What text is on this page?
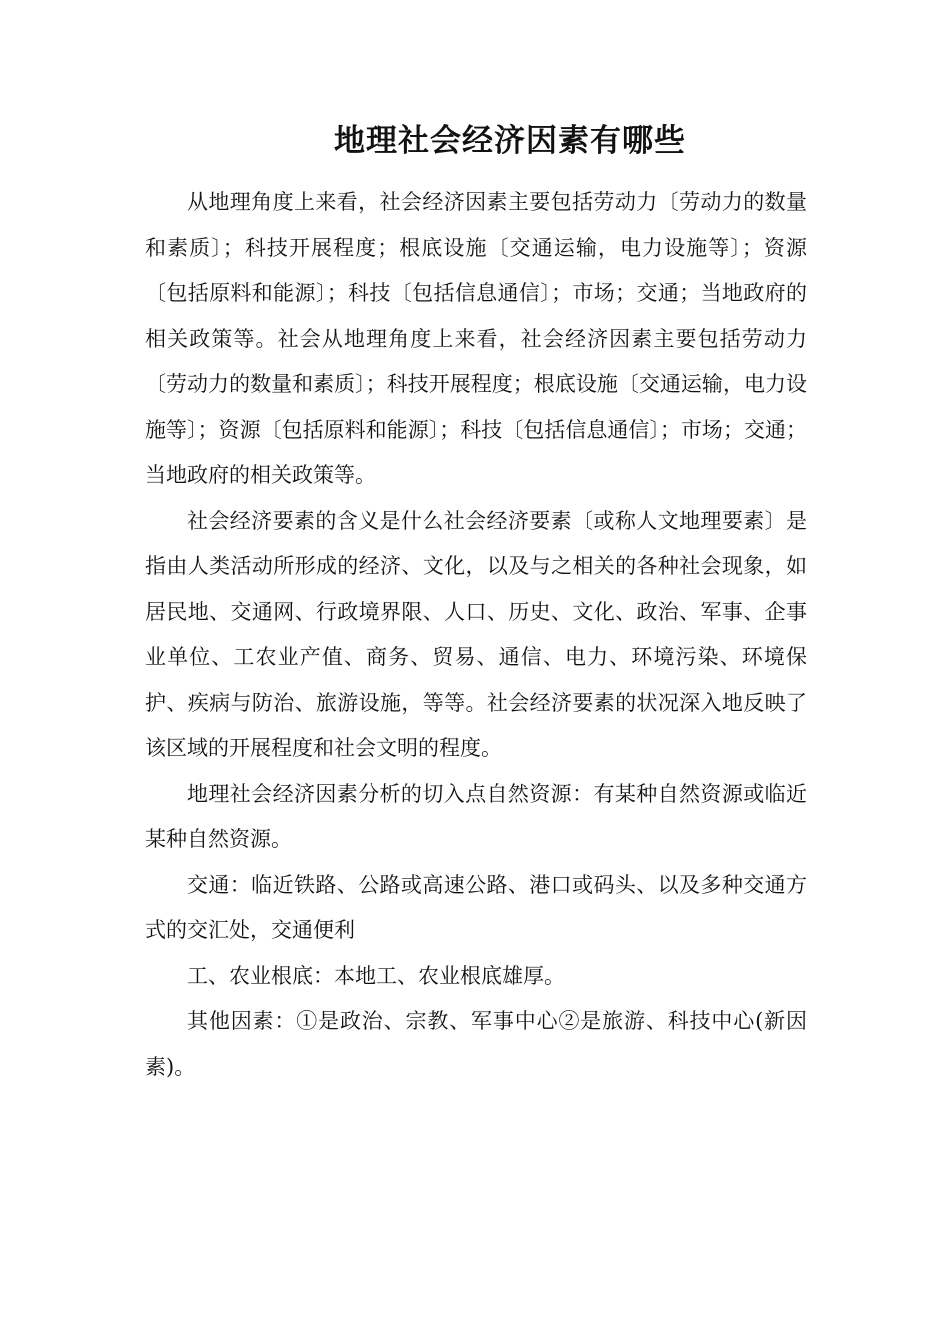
地理社会经济因素有哪些

从地理角度上来看，社会经济因素主要包括劳动力〔劳动力的数量和素质〕；科技开展程度；根底设施〔交通运输，电力设施等〕；资源〔包括原料和能源〕；科技〔包括信息通信〕；市场；交通；当地政府的相关政策等。社会从地理角度上来看，社会经济因素主要包括劳动力〔劳动力的数量和素质〕；科技开展程度；根底设施〔交通运输，电力设施等〕；资源〔包括原料和能源〕；科技〔包括信息通信〕；市场；交通；当地政府的相关政策等。

社会经济要素的含义是什么社会经济要素〔或称人文地理要素〕是指由人类活动所形成的经济、文化，以及与之相关的各种社会现象，如居民地、交通网、行政境界限、人口、历史、文化、政治、军事、企事业单位、工农业产值、商务、贸易、通信、电力、环境污染、环境保护、疾病与防治、旅游设施，等等。社会经济要素的状况深入地反映了该区域的开展程度和社会文明的程度。

地理社会经济因素分析的切入点自然资源：有某种自然资源或临近某种自然资源。

交通：临近铁路、公路或高速公路、港口或码头、以及多种交通方式的交汇处，交通便利

工、农业根底：本地工、农业根底雄厚。

其他因素：①是政治、宗教、军事中心②是旅游、科技中心(新因素)。
